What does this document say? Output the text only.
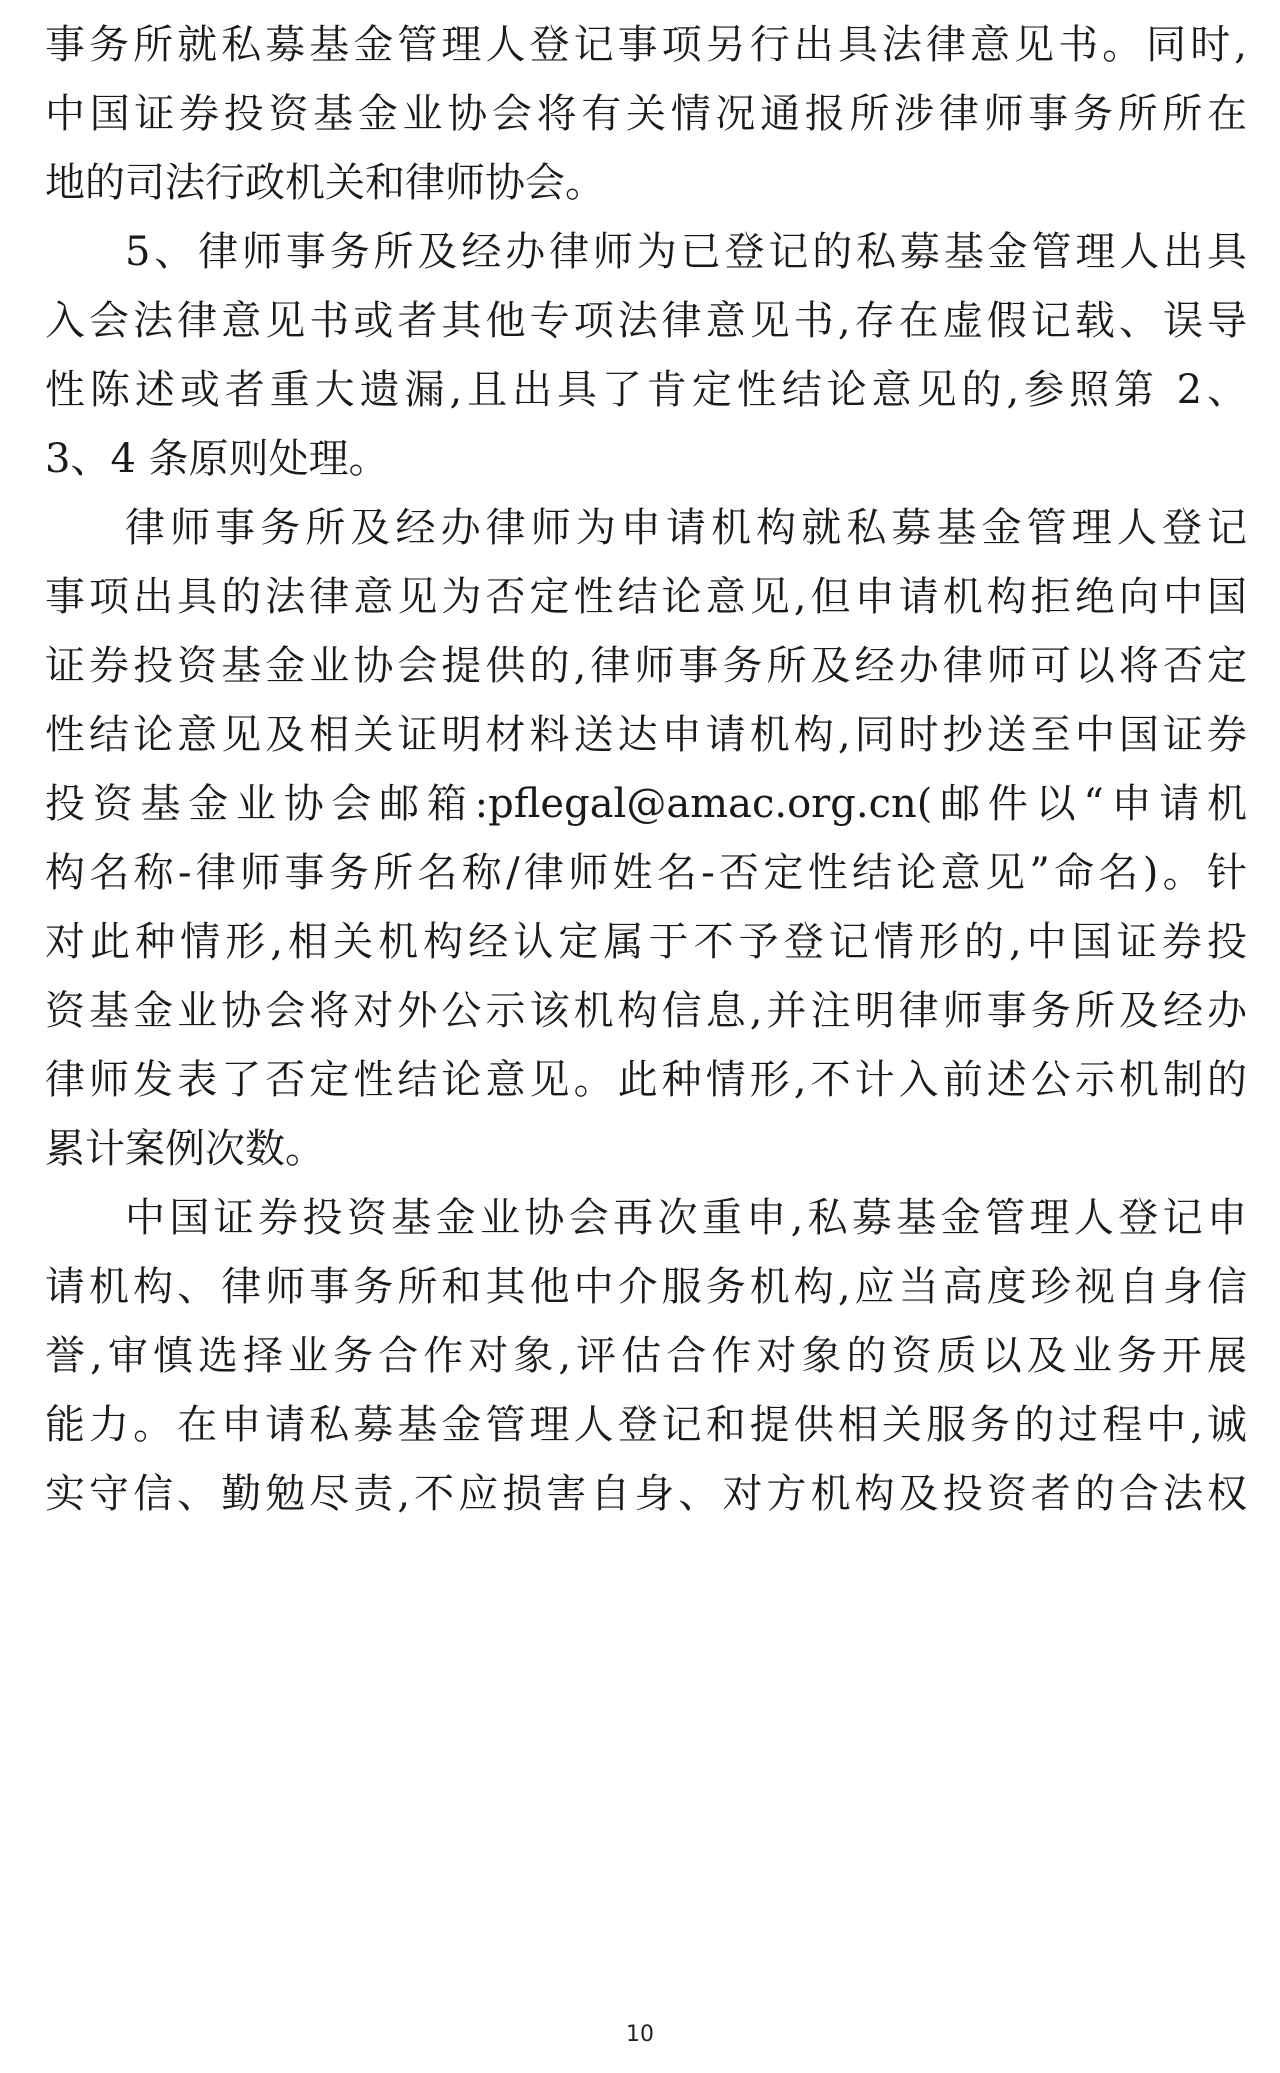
事务所就私募基金管理人登记事项另行出具法律意见书。同时,
中国证券投资基金业协会将有关情况通报所涉律师事务所所在
地的司法行政机关和律师协会。
5、律师事务所及经办律师为已登记的私募基金管理人出具
入会法律意见书或者其他专项法律意见书,存在虚假记载、误导
性陈述或者重大遗漏,且出具了肯定性结论意见的,参照第 2、
3、4 条原则处理。
律师事务所及经办律师为申请机构就私募基金管理人登记
事项出具的法律意见为否定性结论意见,但申请机构拒绝向中国
证券投资基金业协会提供的,律师事务所及经办律师可以将否定
性结论意见及相关证明材料送达申请机构,同时抄送至中国证券
投资基金业协会邮箱:pflegal@amac.org.cn(邮件以“申请机
构名称-律师事务所名称/律师姓名-否定性结论意见”命名)。针
对此种情形,相关机构经认定属于不予登记情形的,中国证券投
资基金业协会将对外公示该机构信息,并注明律师事务所及经办
律师发表了否定性结论意见。此种情形,不计入前述公示机制的
累计案例次数。
中国证券投资基金业协会再次重申,私募基金管理人登记申
请机构、律师事务所和其他中介服务机构,应当高度珍视自身信
誉,审慎选择业务合作对象,评估合作对象的资质以及业务开展
能力。在申请私募基金管理人登记和提供相关服务的过程中,诚
实守信、勤勉尽责,不应损害自身、对方机构及投资者的合法权
10
